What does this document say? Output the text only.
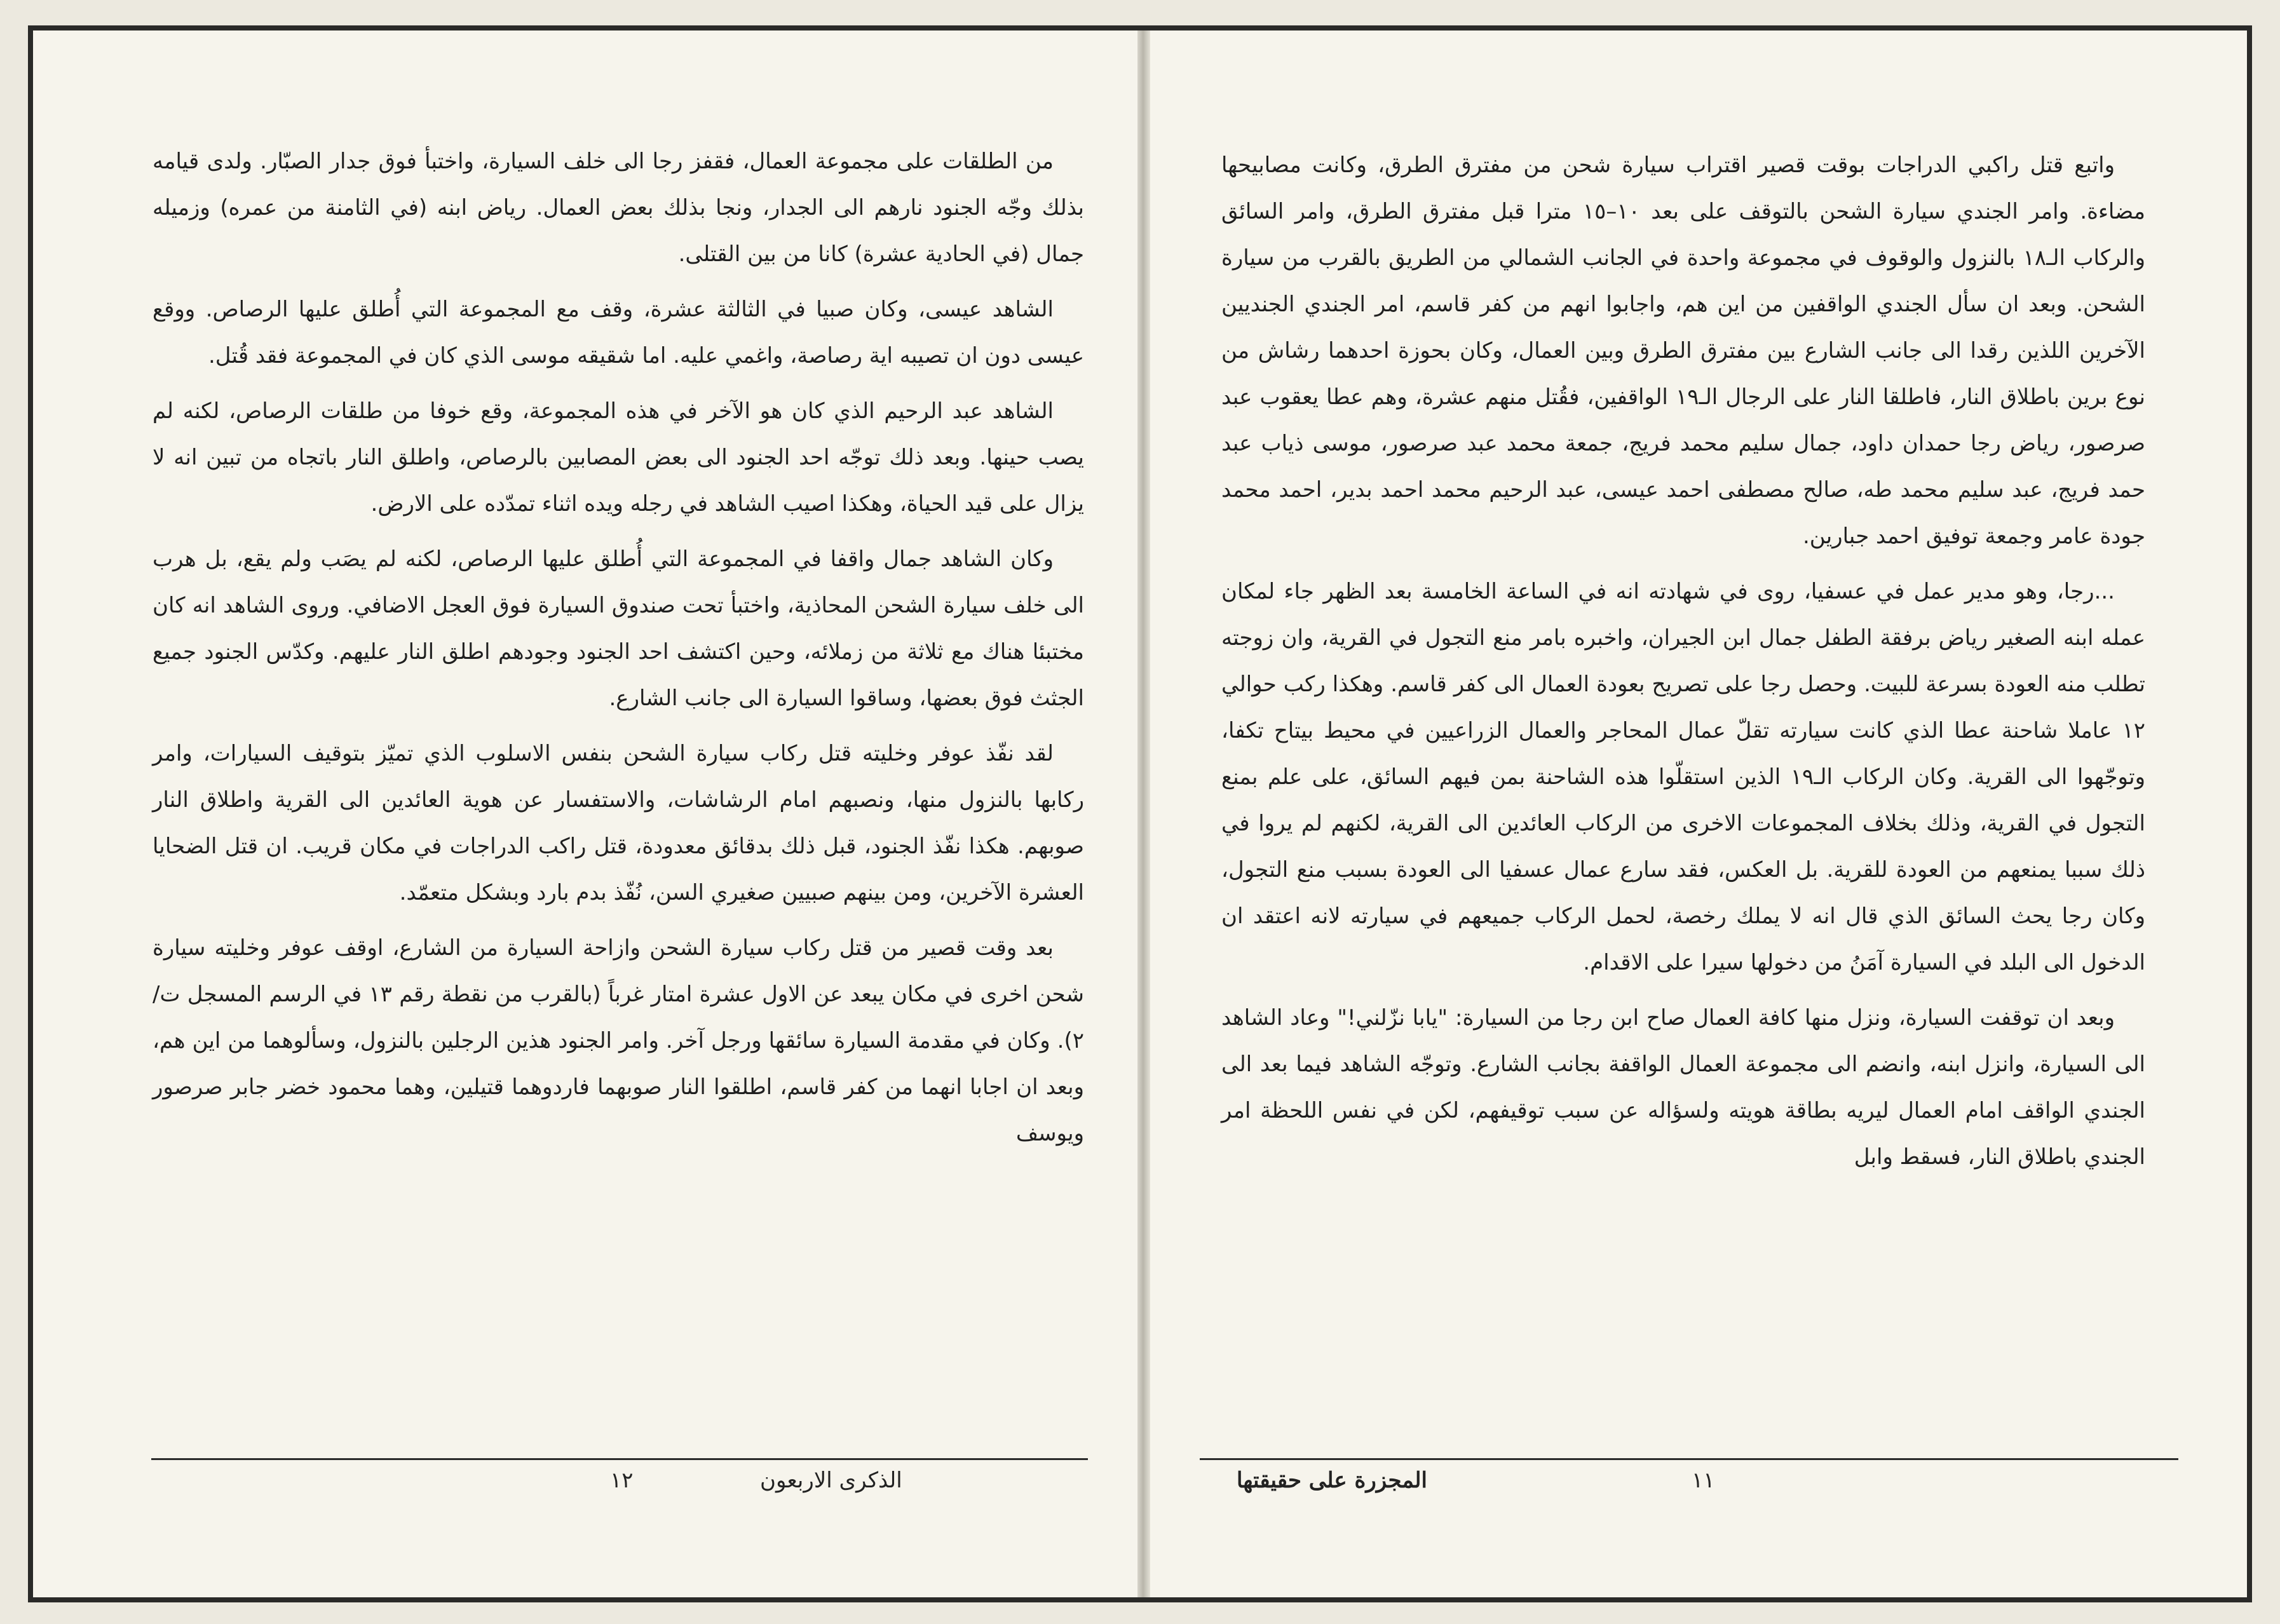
من الطلقات على مجموعة العمال، فقفز رجا الى خلف السيارة، واختبأ فوق جدار الصبّار. ولدى قيامه بذلك وجّه الجنود نارهم الى الجدار، ونجا بذلك بعض العمال. رياض ابنه (في الثامنة من عمره) وزميله جمال (في الحادية عشرة) كانا من بين القتلى.

الشاهد عيسى، وكان صبيا في الثالثة عشرة، وقف مع المجموعة التي أُطلق عليها الرصاص. ووقع عيسى دون ان تصيبه اية رصاصة، واغمي عليه. اما شقيقه موسى الذي كان في المجموعة فقد قُتل.

الشاهد عبد الرحيم الذي كان هو الآخر في هذه المجموعة، وقع خوفا من طلقات الرصاص، لكنه لم يصب حينها. وبعد ذلك توجّه احد الجنود الى بعض المصابين بالرصاص، واطلق النار باتجاه من تبين انه لا يزال على قيد الحياة، وهكذا اصيب الشاهد في رجله ويده اثناء تمدّده على الارض.

وكان الشاهد جمال واقفا في المجموعة التي أُطلق عليها الرصاص، لكنه لم يصَب ولم يقع، بل هرب الى خلف سيارة الشحن المحاذية، واختبأ تحت صندوق السيارة فوق العجل الاضافي. وروى الشاهد انه كان مختبئا هناك مع ثلاثة من زملائه، وحين اكتشف احد الجنود وجودهم اطلق النار عليهم. وكدّس الجنود جميع الجثث فوق بعضها، وساقوا السيارة الى جانب الشارع.

لقد نفّذ عوفر وخليته قتل ركاب سيارة الشحن بنفس الاسلوب الذي تميّز بتوقيف السيارات، وامر ركابها بالنزول منها، ونصبهم امام الرشاشات، والاستفسار عن هوية العائدين الى القرية واطلاق النار صوبهم. هكذا نفّذ الجنود، قبل ذلك بدقائق معدودة، قتل راكب الدراجات في مكان قريب. ان قتل الضحايا العشرة الآخرين، ومن بينهم صبيين صغيري السن، نُفّذ بدم بارد وبشكل متعمّد.

بعد وقت قصير من قتل ركاب سيارة الشحن وازاحة السيارة من الشارع، اوقف عوفر وخليته سيارة شحن اخرى في مكان يبعد عن الاول عشرة امتار غرباً (بالقرب من نقطة رقم ١٣ في الرسم المسجل ت/٢). وكان في مقدمة السيارة سائقها ورجل آخر. وامر الجنود هذين الرجلين بالنزول، وسألوهما من اين هم، وبعد ان اجابا انهما من كفر قاسم، اطلقوا النار صوبهما فاردوهما قتيلين، وهما محمود خضر جابر صرصور ويوسف

الذكرى الاربعون
١٢

واتبع قتل راكبي الدراجات بوقت قصير اقتراب سيارة شحن من مفترق الطرق، وكانت مصابيحها مضاءة. وامر الجندي سيارة الشحن بالتوقف على بعد ١٠–١٥ مترا قبل مفترق الطرق، وامر السائق والركاب الـ١٨ بالنزول والوقوف في مجموعة واحدة في الجانب الشمالي من الطريق بالقرب من سيارة الشحن. وبعد ان سأل الجندي الواقفين من اين هم، واجابوا انهم من كفر قاسم، امر الجندي الجنديين الآخرين اللذين رقدا الى جانب الشارع بين مفترق الطرق وبين العمال، وكان بحوزة احدهما رشاش من نوع برين باطلاق النار، فاطلقا النار على الرجال الـ١٩ الواقفين، فقُتل منهم عشرة، وهم عطا يعقوب عبد صرصور، رياض رجا حمدان داود، جمال سليم محمد فريج، جمعة محمد عبد صرصور، موسى ذياب عبد حمد فريج، عبد سليم محمد طه، صالح مصطفى احمد عيسى، عبد الرحيم محمد احمد بدير، احمد محمد جودة عامر وجمعة توفيق احمد جبارين.

...رجا، وهو مدير عمل في عسفيا، روى في شهادته انه في الساعة الخامسة بعد الظهر جاء لمكان عمله ابنه الصغير رياض برفقة الطفل جمال ابن الجيران، واخبره بامر منع التجول في القرية، وان زوجته تطلب منه العودة بسرعة للبيت. وحصل رجا على تصريح بعودة العمال الى كفر قاسم. وهكذا ركب حوالي ١٢ عاملا شاحنة عطا الذي كانت سيارته تقلّ عمال المحاجر والعمال الزراعيين في محيط بيتاح تكفا، وتوجّهوا الى القرية. وكان الركاب الـ١٩ الذين استقلّوا هذه الشاحنة بمن فيهم السائق، على علم بمنع التجول في القرية، وذلك بخلاف المجموعات الاخرى من الركاب العائدين الى القرية، لكنهم لم يروا في ذلك سببا يمنعهم من العودة للقرية. بل العكس، فقد سارع عمال عسفيا الى العودة بسبب منع التجول، وكان رجا يحث السائق الذي قال انه لا يملك رخصة، لحمل الركاب جميعهم في سيارته لانه اعتقد ان الدخول الى البلد في السيارة آمَنُ من دخولها سيرا على الاقدام.

وبعد ان توقفت السيارة، ونزل منها كافة العمال صاح ابن رجا من السيارة: "يابا نزّلني!" وعاد الشاهد الى السيارة، وانزل ابنه، وانضم الى مجموعة العمال الواقفة بجانب الشارع. وتوجّه الشاهد فيما بعد الى الجندي الواقف امام العمال ليريه بطاقة هويته ولسؤاله عن سبب توقيفهم، لكن في نفس اللحظة امر الجندي باطلاق النار، فسقط وابل

المجزرة على حقيقتها	١١
